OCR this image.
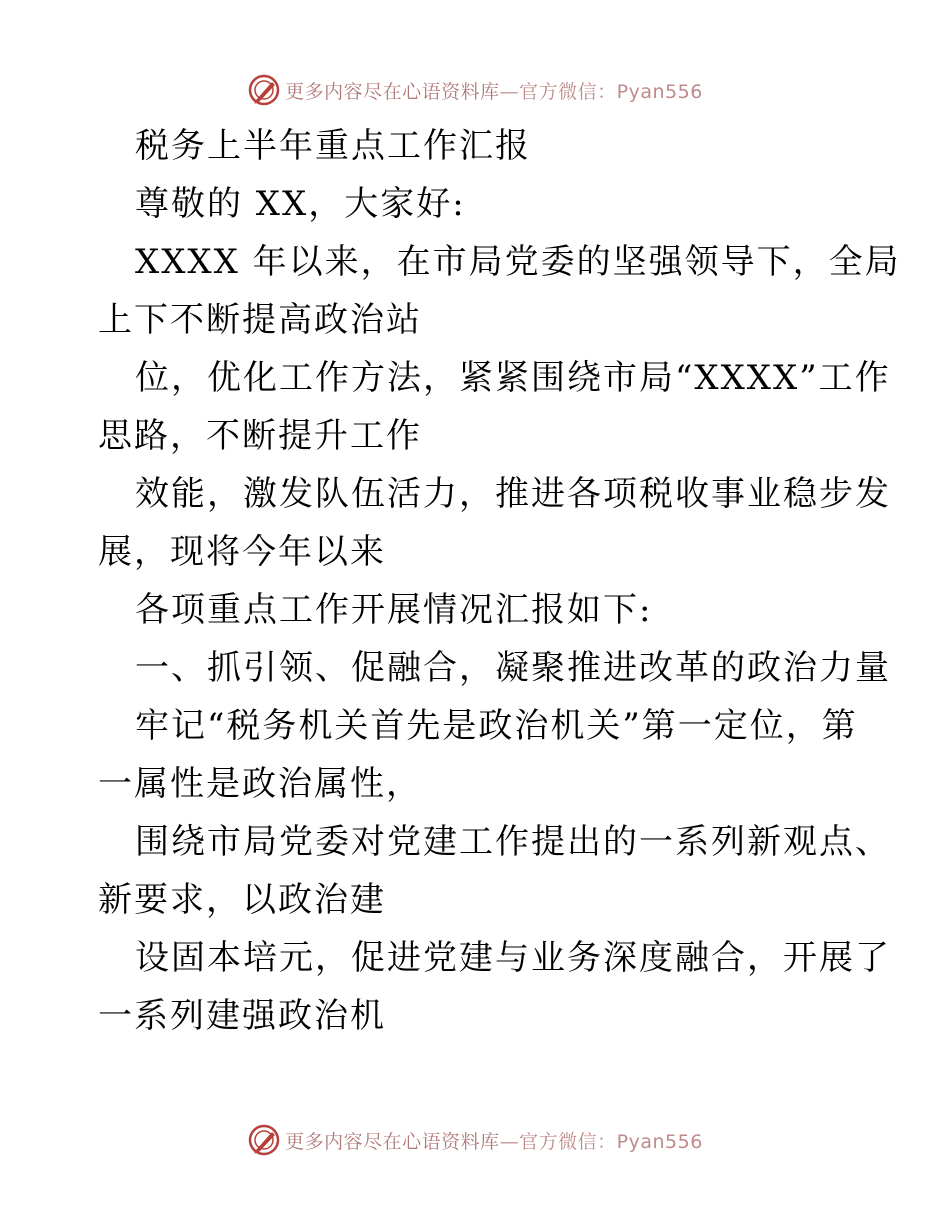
更多内容尽在心语资料库—官方微信：Pyan556
税务上半年重点工作汇报
尊敬的 XX，大家好:
XXXX 年以来，在市局党委的坚强领导下，全局
上下不断提高政治站
位，优化工作方法，紧紧围绕市局“XXXX”工作
思路，不断提升工作
效能，激发队伍活力，推进各项税收事业稳步发
展，现将今年以来
各项重点工作开展情况汇报如下:
一、抓引领、促融合，凝聚推进改革的政治力量
牢记“税务机关首先是政治机关”第一定位，第
一属性是政治属性，
围绕市局党委对党建工作提出的一系列新观点、
新要求，以政治建
设固本培元，促进党建与业务深度融合，开展了
一系列建强政治机
更多内容尽在心语资料库—官方微信：Pyan556
